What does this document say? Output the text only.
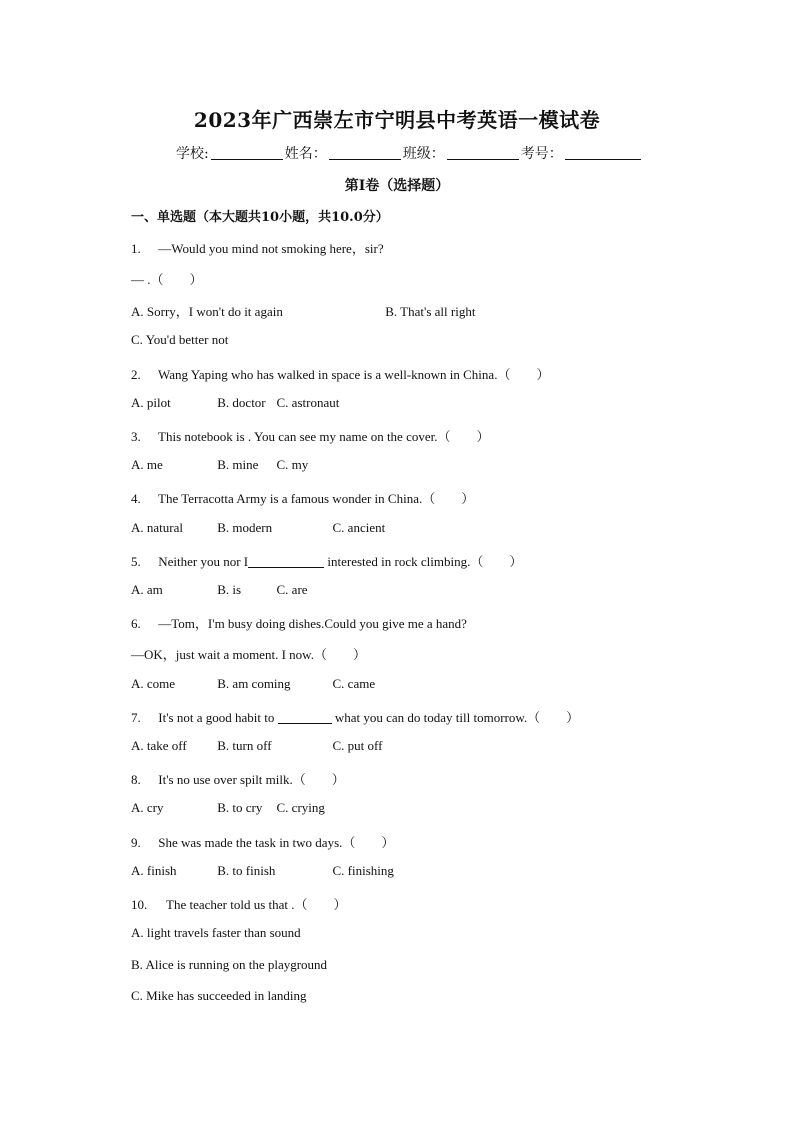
2023年广西崇左市宁明县中考英语一模试卷
学校:	姓名：	班级：	考号：
第I卷（选择题）
一、单选题（本大题共10小题，共10.0分）
1. —Would you mind not smoking here，sir?
— .（　　）
A. Sorry，I won't do it again	B. That's all right
C. You'd better not
2. Wang Yaping who has walked in space is a well-known in China.（　　）
A. pilot	B. doctor C. astronaut
3. This notebook is . You can see my name on the cover.（　　）
A. me	B. mine C. my
4. The Terracotta Army is a famous wonder in China.（　　）
A. natural	B. modern	C. ancient
5. Neither you nor I	interested in rock climbing.（　　）
A. am	B. is	C. are
6. —Tom，I'm busy doing dishes.Could you give me a hand?
—OK，just wait a moment. I now.（　　）
A. come	B. am coming	C. came
7. It's not a good habit to	what you can do today till tomorrow.（　　）
A. take off B. turn off	C. put off
8. It's no use over spilt milk.（　　）
A. cry	B. to cry C. crying
9. She was made the task in two days.（　　）
A. finish	B. to finish	C. finishing
10. The teacher told us that .（　　）
A. light travels faster than sound
B. Alice is running on the playground
C. Mike has succeeded in landing
